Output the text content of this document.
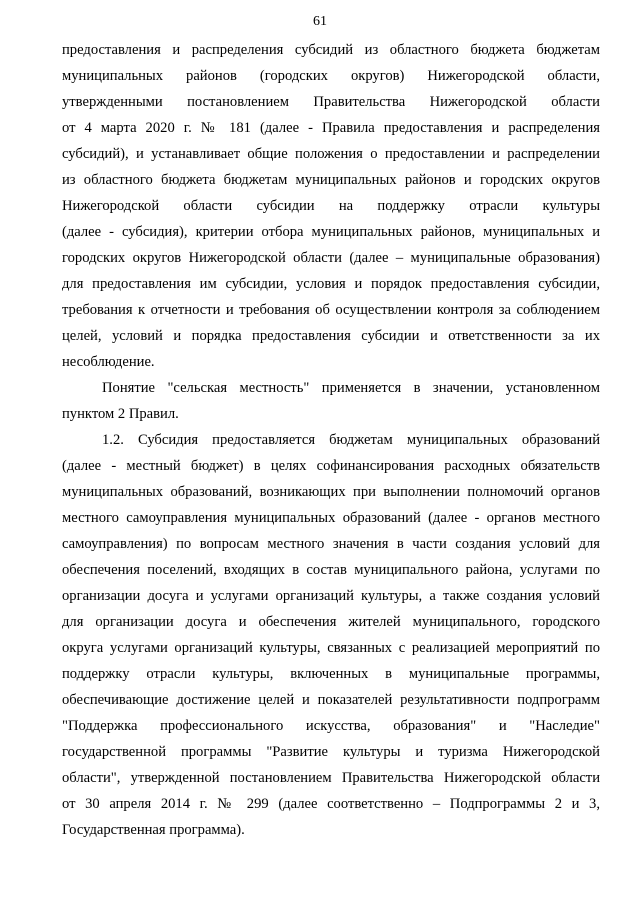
61
предоставления и распределения субсидий из областного бюджета бюджетам
муниципальных районов (городских округов) Нижегородской области,
утвержденными постановлением Правительства Нижегородской области
от 4 марта 2020 г. № 181 (далее - Правила предоставления и распределения
субсидий), и устанавливает общие положения о предоставлении и распределении
из областного бюджета бюджетам муниципальных районов и городских округов
Нижегородской области субсидии на поддержку отрасли культуры
(далее - субсидия), критерии отбора муниципальных районов, муниципальных и
городских округов Нижегородской области (далее – муниципальные образования)
для предоставления им субсидии, условия и порядок предоставления субсидии,
требования к отчетности и требования об осуществлении контроля за соблюдением
целей, условий и порядка предоставления субсидии и ответственности за их
несоблюдение.
Понятие "сельская местность" применяется в значении, установленном
пунктом 2 Правил.
1.2. Субсидия предоставляется бюджетам муниципальных образований
(далее - местный бюджет) в целях софинансирования расходных обязательств
муниципальных образований, возникающих при выполнении полномочий органов
местного самоуправления муниципальных образований (далее - органов местного
самоуправления) по вопросам местного значения в части создания условий для
обеспечения поселений, входящих в состав муниципального района, услугами по
организации досуга и услугами организаций культуры, а также создания условий
для организации досуга и обеспечения жителей муниципального, городского
округа услугами организаций культуры, связанных с реализацией мероприятий по
поддержку отрасли культуры, включенных в муниципальные программы,
обеспечивающие достижение целей и показателей результативности подпрограмм
"Поддержка профессионального искусства, образования" и "Наследие"
государственной программы "Развитие культуры и туризма Нижегородской
области", утвержденной постановлением Правительства Нижегородской области
от 30 апреля 2014 г. № 299 (далее соответственно – Подпрограммы 2 и 3,
Государственная программа).
